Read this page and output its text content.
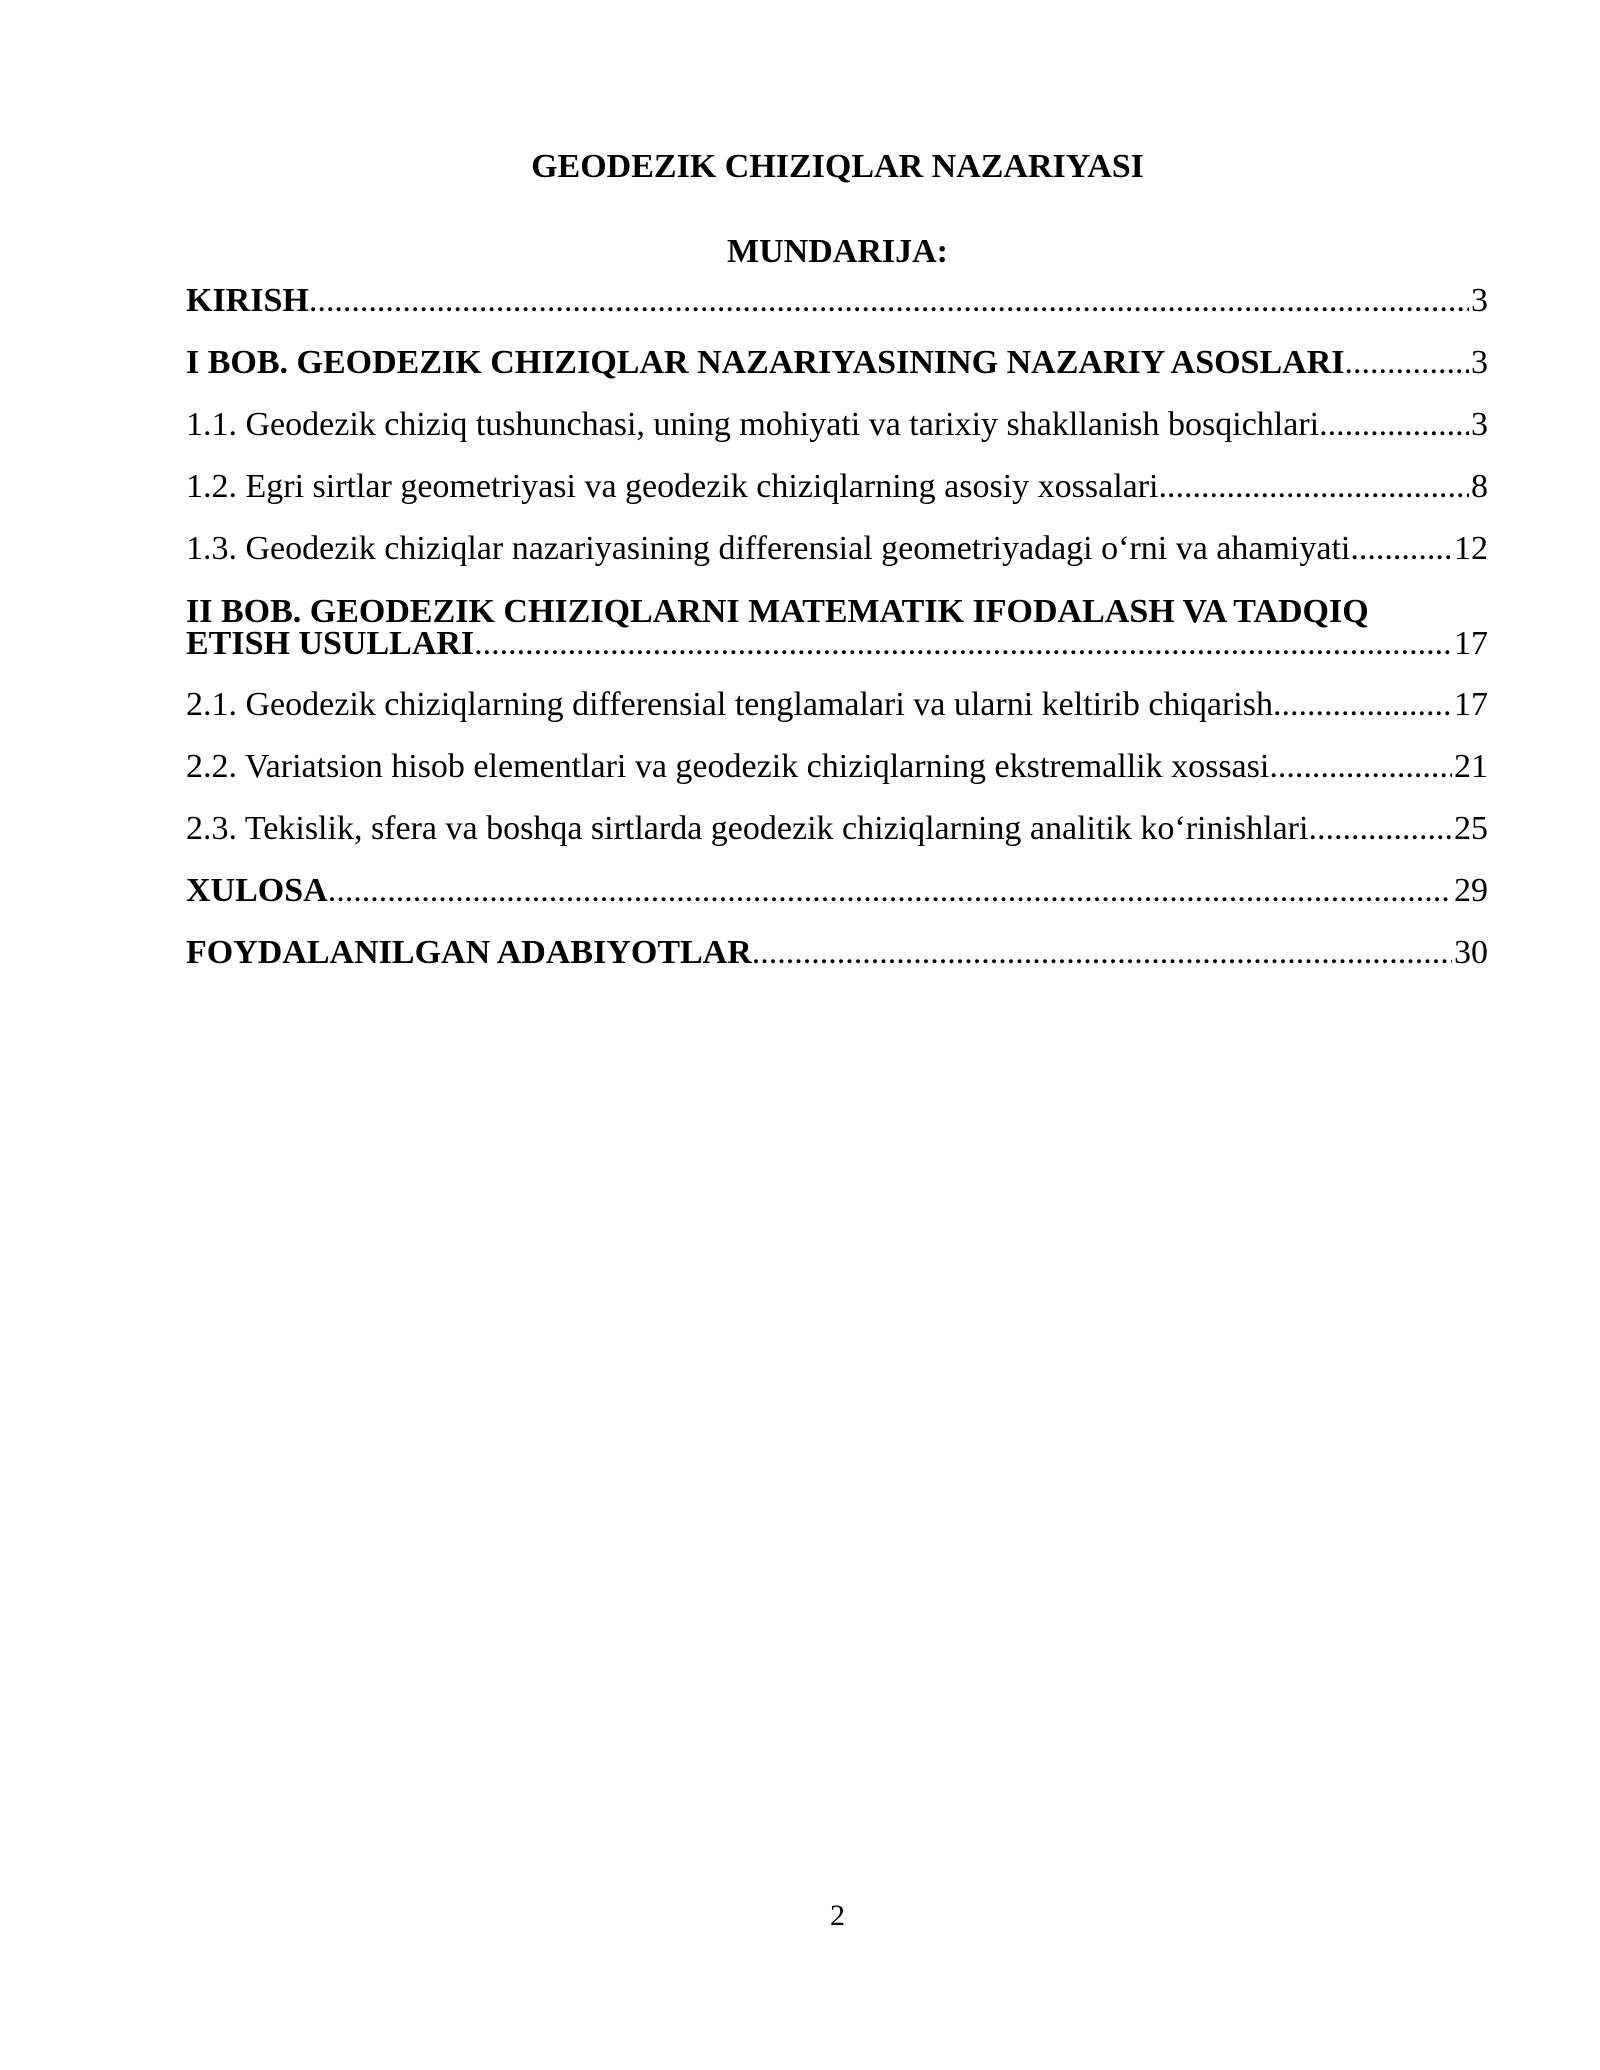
GEODEZIK CHIZIQLAR NAZARIYASI
MUNDARIJA:
KIRISH .....	3
I BOB. GEODEZIK CHIZIQLAR NAZARIYASINING NAZARIY ASOSLARI .....	3
1.1. Geodezik chiziq tushunchasi, uning mohiyati va tarixiy shakllanish bosqichlari .....	3
1.2. Egri sirtlar geometriyasi va geodezik chiziqlarning asosiy xossalari .....	8
1.3. Geodezik chiziqlar nazariyasining differensial geometriyadagi o‘rni va ahamiyati. .....	12
II BOB. GEODEZIK CHIZIQLARNI MATEMATIK IFODALASH VA TADQIQ
ETISH USULLARI .....	17
2.1. Geodezik chiziqlarning differensial tenglamalari va ularni keltirib chiqarish .....	17
2.2. Variatsion hisob elementlari va geodezik chiziqlarning ekstremallik xossasi .....	21
2.3. Tekislik, sfera va boshqa sirtlarda geodezik chiziqlarning analitik ko‘rinishlari .....	25
XULOSA .....	29
FOYDALANILGAN ADABIYOTLAR .....	30
2
